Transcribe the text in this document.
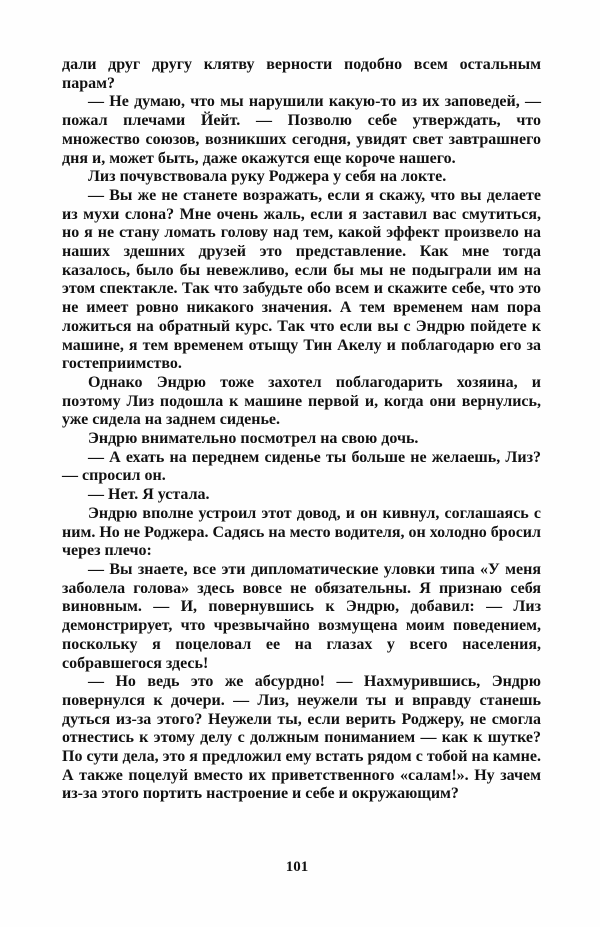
дали друг другу клятву верности подобно всем остальным парам?

— Не думаю, что мы нарушили какую-то из их заповедей, — пожал плечами Йейт. — Позволю себе утверждать, что множество союзов, возникших сегодня, увидят свет завтрашнего дня и, может быть, даже окажутся еще короче нашего.

Лиз почувствовала руку Роджера у себя на локте.

— Вы же не станете возражать, если я скажу, что вы делаете из мухи слона? Мне очень жаль, если я заставил вас смутиться, но я не стану ломать голову над тем, какой эффект произвело на наших здешних друзей это представление. Как мне тогда казалось, было бы невежливо, если бы мы не подыграли им на этом спектакле. Так что забудьте обо всем и скажите себе, что это не имеет ровно никакого значения. А тем временем нам пора ложиться на обратный курс. Так что если вы с Эндрю пойдете к машине, я тем временем отыщу Тин Акелу и поблагодарю его за гостеприимство.

Однако Эндрю тоже захотел поблагодарить хозяина, и поэтому Лиз подошла к машине первой и, когда они вернулись, уже сидела на заднем сиденье.

Эндрю внимательно посмотрел на свою дочь.

— А ехать на переднем сиденье ты больше не желаешь, Лиз? — спросил он.

— Нет. Я устала.

Эндрю вполне устроил этот довод, и он кивнул, соглашаясь с ним. Но не Роджера. Садясь на место водителя, он холодно бросил через плечо:

— Вы знаете, все эти дипломатические уловки типа «У меня заболела голова» здесь вовсе не обязательны. Я признаю себя виновным. — И, повернувшись к Эндрю, добавил: — Лиз демонстрирует, что чрезвычайно возмущена моим поведением, поскольку я поцеловал ее на глазах у всего населения, собравшегося здесь!

— Но ведь это же абсурдно! — Нахмурившись, Эндрю повернулся к дочери. — Лиз, неужели ты и вправду станешь дуться из-за этого? Неужели ты, если верить Роджеру, не смогла отнестись к этому делу с должным пониманием — как к шутке? По сути дела, это я предложил ему встать рядом с тобой на камне. А также поцелуй вместо их приветственного «салам!». Ну зачем из-за этого портить настроение и себе и окружающим?

101
